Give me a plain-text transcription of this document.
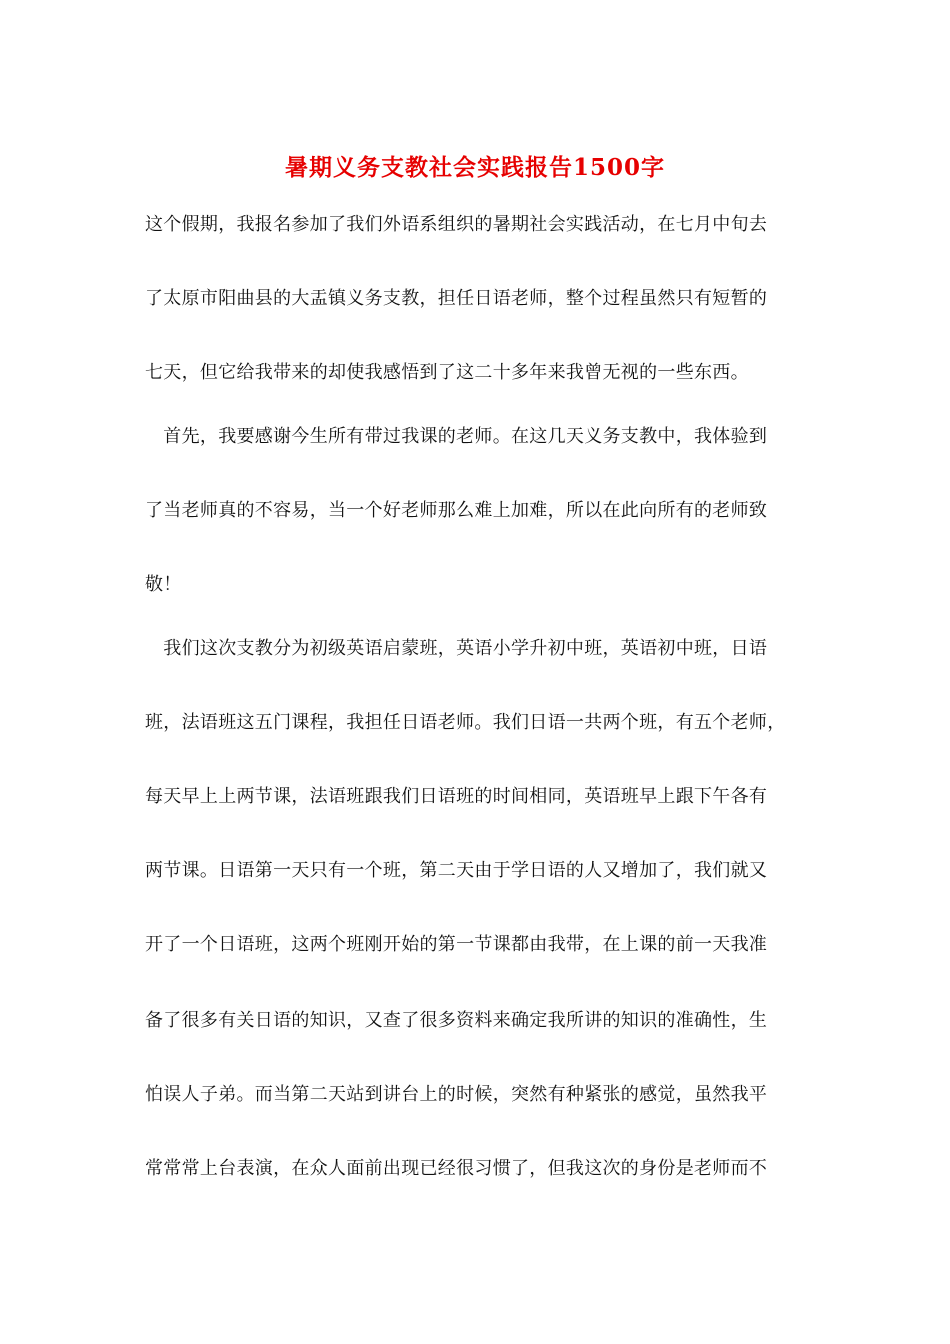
暑期义务支教社会实践报告1500字
这个假期，我报名参加了我们外语系组织的暑期社会实践活动，在七月中旬去
了太原市阳曲县的大盂镇义务支教，担任日语老师，整个过程虽然只有短暂的
七天，但它给我带来的却使我感悟到了这二十多年来我曾无视的一些东西。
　首先，我要感谢今生所有带过我课的老师。在这几天义务支教中，我体验到
了当老师真的不容易，当一个好老师那么难上加难，所以在此向所有的老师致
敬！
　我们这次支教分为初级英语启蒙班，英语小学升初中班，英语初中班，日语
班，法语班这五门课程，我担任日语老师。我们日语一共两个班，有五个老师，
每天早上上两节课，法语班跟我们日语班的时间相同，英语班早上跟下午各有
两节课。日语第一天只有一个班，第二天由于学日语的人又增加了，我们就又
开了一个日语班，这两个班刚开始的第一节课都由我带，在上课的前一天我准
备了很多有关日语的知识，又查了很多资料来确定我所讲的知识的准确性，生
怕误人子弟。而当第二天站到讲台上的时候，突然有种紧张的感觉，虽然我平
常常常上台表演，在众人面前出现已经很习惯了，但我这次的身份是老师而不
